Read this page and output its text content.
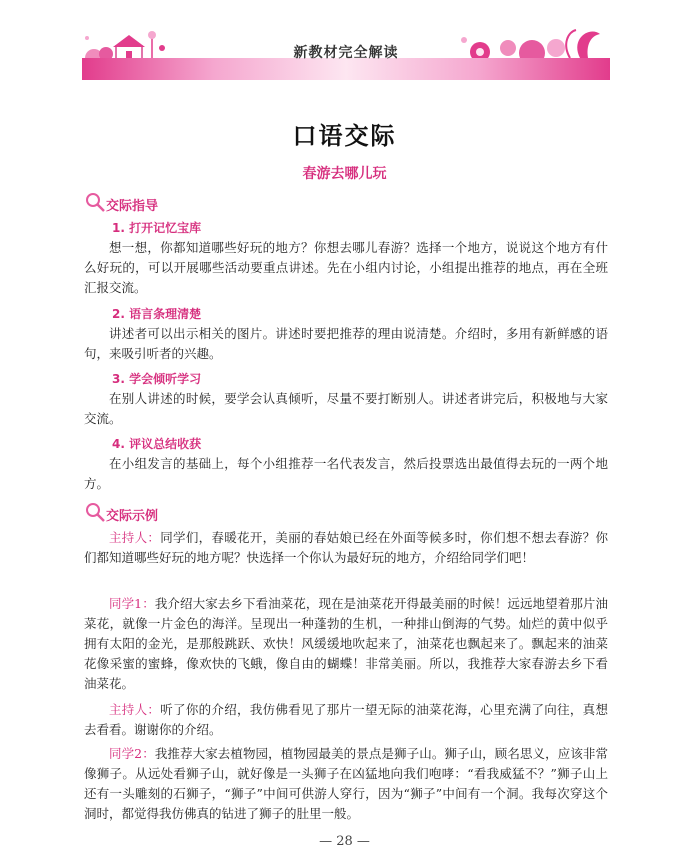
新教材完全解读
口语交际
春游去哪儿玩
交际指导
1. 打开记忆宝库

想一想，你都知道哪些好玩的地方？你想去哪儿春游？选择一个地方，说说这个地方有什么好玩的，可以开展哪些活动要重点讲述。先在小组内讨论，小组提出推荐的地点，再在全班汇报交流。

2. 语言条理清楚

讲述者可以出示相关的图片。讲述时要把推荐的理由说清楚。介绍时，多用有新鲜感的语句，来吸引听者的兴趣。

3. 学会倾听学习

在别人讲述的时候，要学会认真倾听，尽量不要打断别人。讲述者讲完后，积极地与大家交流。

4. 评议总结收获

在小组发言的基础上，每个小组推荐一名代表发言，然后投票选出最值得去玩的一两个地方。

交际示例

主持人：同学们，春暖花开，美丽的春姑娘已经在外面等候多时，你们想不想去春游？你们都知道哪些好玩的地方呢？快选择一个你认为最好玩的地方，介绍给同学们吧！

同学1：我介绍大家去乡下看油菜花，现在是油菜花开得最美丽的时候！远远地望着那片油菜花，就像一片金色的海洋。呈现出一种蓬勃的生机，一种排山倒海的气势。灿烂的黄中似乎拥有太阳的金光，是那般跳跃、欢快！风缓缓地吹起来了，油菜花也飘起来了。飘起来的油菜花像采蜜的蜜蜂，像欢快的飞蛾，像自由的蝴蝶！非常美丽。所以，我推荐大家春游去乡下看油菜花。

主持人：听了你的介绍，我仿佛看见了那片一望无际的油菜花海，心里充满了向往，真想去看看。谢谢你的介绍。

同学2：我推荐大家去植物园，植物园最美的景点是狮子山。狮子山，顾名思义，应该非常像狮子。从远处看狮子山，就好像是一头狮子在凶猛地向我们咆哮：“看我威猛不？”狮子山上还有一头雕刻的石狮子，“狮子”中间可供游人穿行，因为“狮子”中间有一个洞。我每次穿这个洞时，都觉得我仿佛真的钻进了狮子的肚里一般。

— 28 —
